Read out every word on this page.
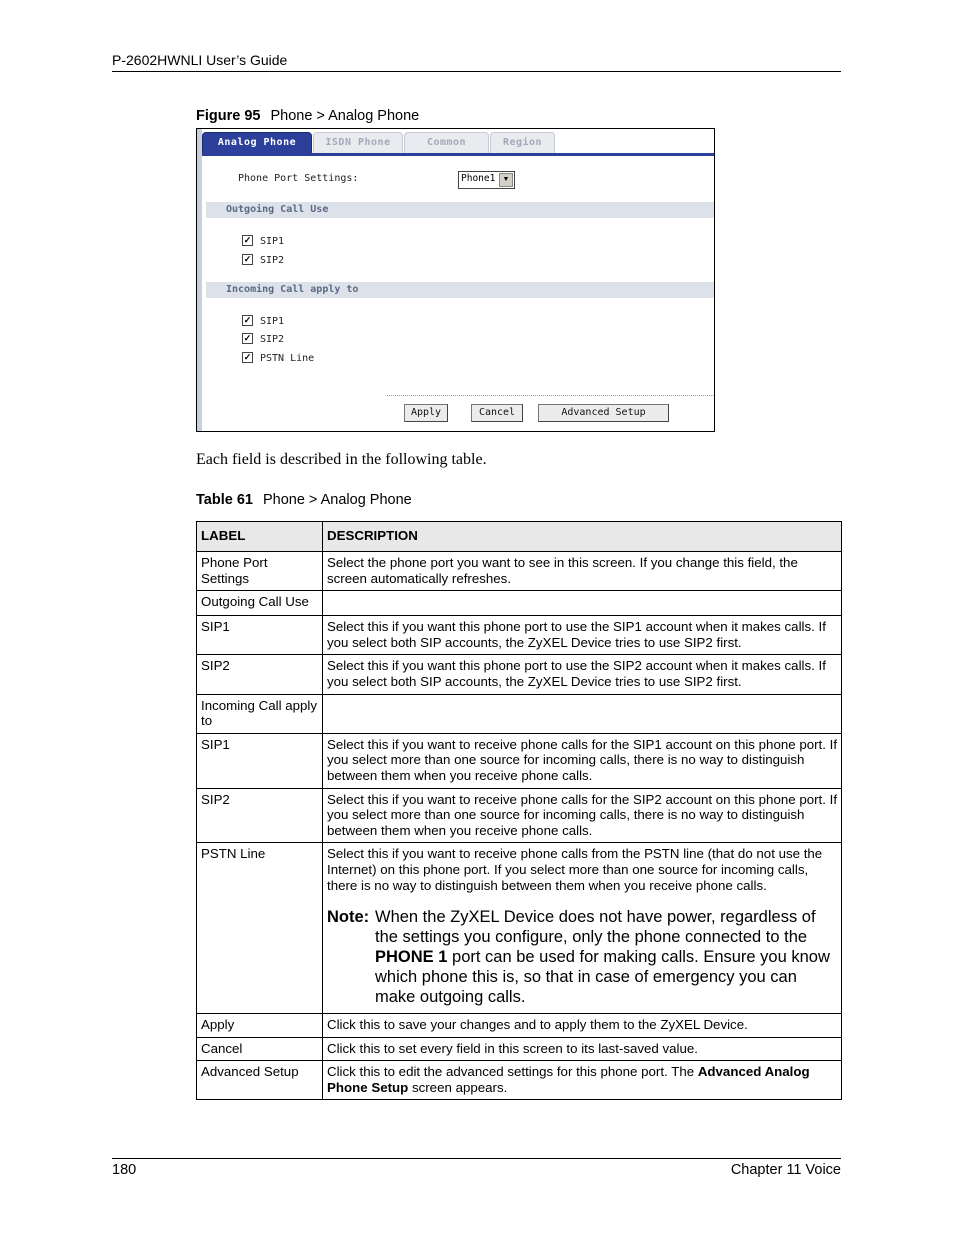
P-2602HWNLI User’s Guide
Figure 95 Phone > Analog Phone
Analog Phone	ISDN Phone	Common	Region
Phone Port Settings:	Phone1	▼
Outgoing Call Use
✓ SIP1
✓ SIP2
Incoming Call apply to
✓ SIP1
✓ SIP2
✓ PSTN Line
Apply	Cancel	Advanced Setup
Each field is described in the following table.
Table 61 Phone > Analog Phone
LABEL	DESCRIPTION
Phone Port Settings	Select the phone port you want to see in this screen. If you change this field, the screen automatically refreshes.
Outgoing Call Use	
SIP1	Select this if you want this phone port to use the SIP1 account when it makes calls. If you select both SIP accounts, the ZyXEL Device tries to use SIP2 first.
SIP2	Select this if you want this phone port to use the SIP2 account when it makes calls. If you select both SIP accounts, the ZyXEL Device tries to use SIP2 first.
Incoming Call apply to	
SIP1	Select this if you want to receive phone calls for the SIP1 account on this phone port. If you select more than one source for incoming calls, there is no way to distinguish between them when you receive phone calls.
SIP2	Select this if you want to receive phone calls for the SIP2 account on this phone port. If you select more than one source for incoming calls, there is no way to distinguish between them when you receive phone calls.
PSTN Line	Select this if you want to receive phone calls from the PSTN line (that do not use the Internet) on this phone port. If you select more than one source for incoming calls, there is no way to distinguish between them when you receive phone calls.
Note: When the ZyXEL Device does not have power, regardless of the settings you configure, only the phone connected to the PHONE 1 port can be used for making calls. Ensure you know which phone this is, so that in case of emergency you can make outgoing calls.

Apply	Click this to save your changes and to apply them to the ZyXEL Device.
Cancel	Click this to set every field in this screen to its last-saved value.
Advanced Setup	Click this to edit the advanced settings for this phone port. The Advanced Analog Phone Setup screen appears.
180	Chapter 11 Voice
